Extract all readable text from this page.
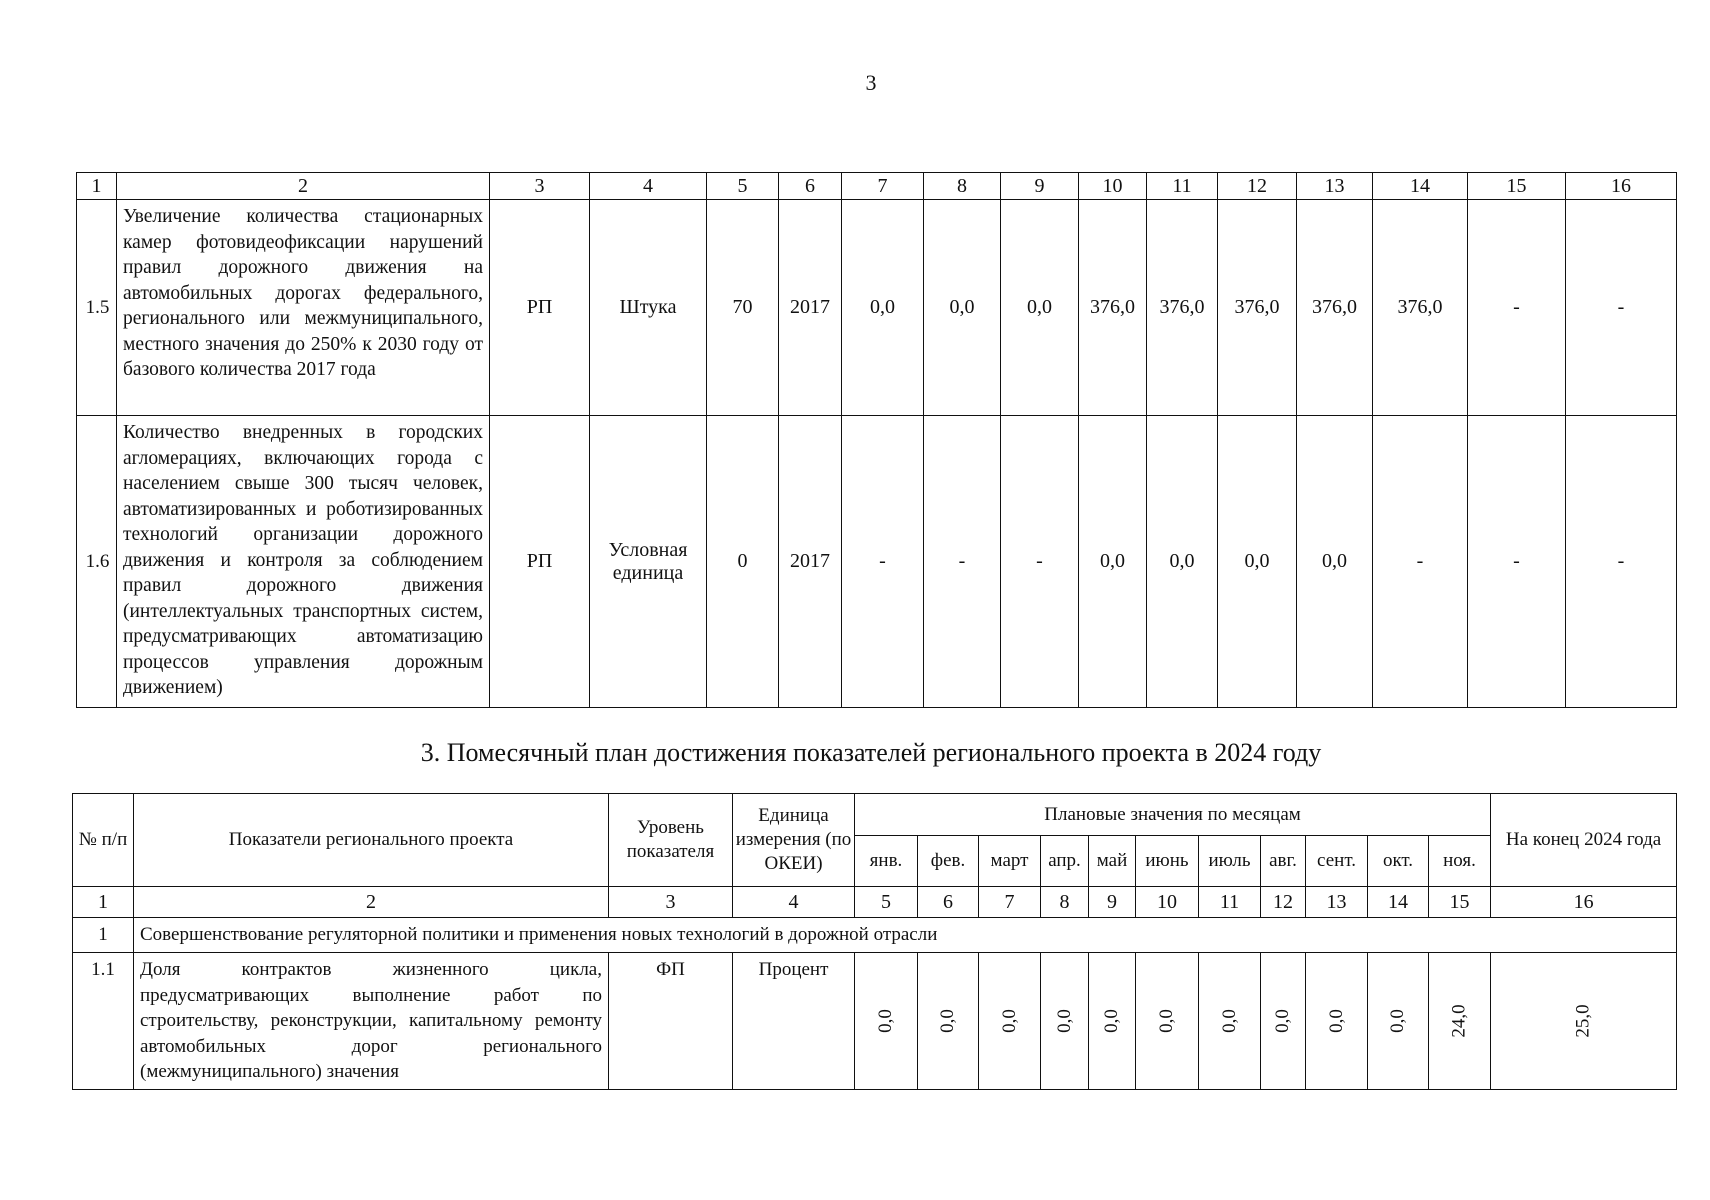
3
1	2	3	4	5	6	7	8	9	10	11	12	13	14	15	16
1.5	Увеличение количества стационарных камер фотовидеофиксации нарушений правил дорожного движения на автомобильных дорогах федерального, регионального или межмуниципального, местного значения до 250% к 2030 году от базового количества 2017 года	РП	Штука	70	2017	0,0	0,0	0,0	376,0	376,0	376,0	376,0	376,0	-	-
1.6	Количество внедренных в городских агломерациях, включающих города с населением свыше 300 тысяч человек, автоматизированных и роботизированных технологий организации дорожного движения и контроля за соблюдением правил дорожного движения (интеллектуальных транспортных систем, предусматривающих автоматизацию процессов управления дорожным движением)	РП	Условная единица	0	2017	-	-	-	0,0	0,0	0,0	0,0	-	-	-
3. Помесячный план достижения показателей регионального проекта в 2024 году
№ п/п	Показатели регионального проекта	Уровень показателя	Единица измерения (по ОКЕИ)	Плановые значения по месяцам											На конец 2024 года
				янв.	фев.	март	апр.	май	июнь	июль	авг.	сент.	окт.	ноя.	
1	2	3	4	5	6	7	8	9	10	11	12	13	14	15	16
1	Совершенствование регуляторной политики и применения новых технологий в дорожной отрасли														
1.1	Доля контрактов жизненного цикла, предусматривающих выполнение работ по строительству, реконструкции, капитальному ремонту автомобильных дорог регионального (межмуниципального) значения	ФП	Процент	0,0	0,0	0,0	0,0	0,0	0,0	0,0	0,0	0,0	0,0	24,0	25,0
